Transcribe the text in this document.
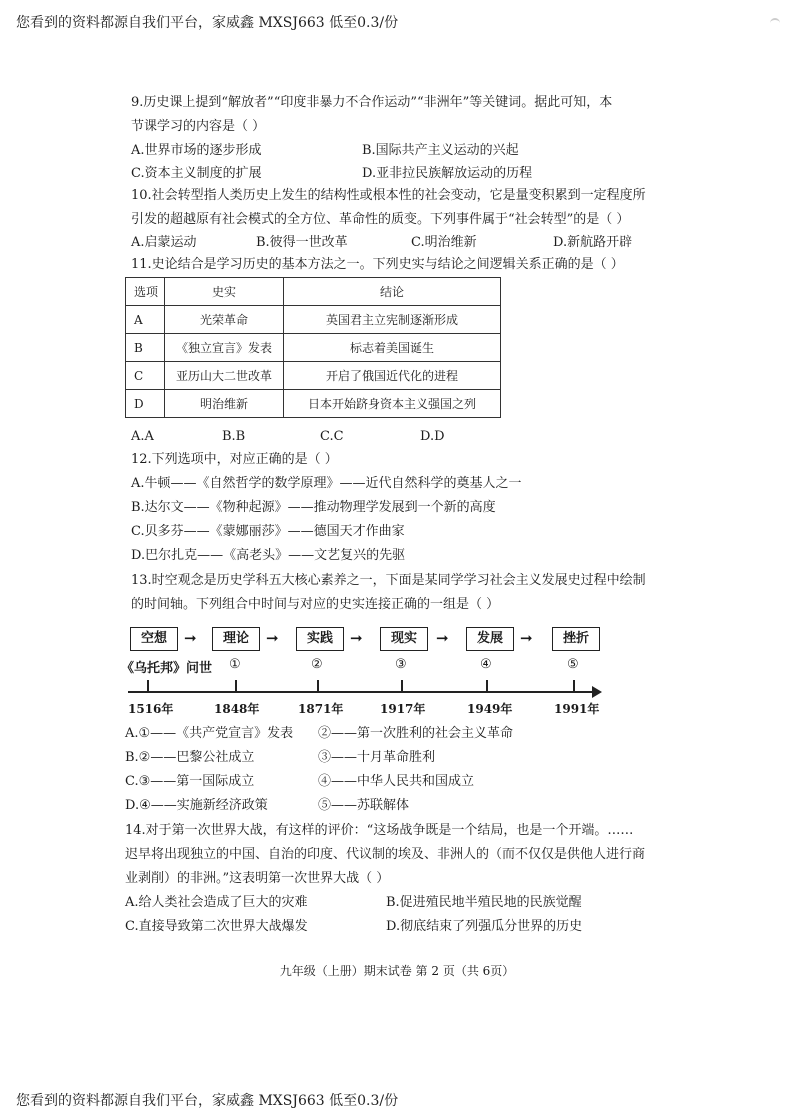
您看到的资料都源自我们平台，家威鑫 MXSJ663 低至0.3/份
9.历史课上提到“解放者”“印度非暴力不合作运动”“非洲年”等关键词。据此可知，本
节课学习的内容是（ ）
A.世界市场的逐步形成	B.国际共产主义运动的兴起
C.资本主义制度的扩展	D.亚非拉民族解放运动的历程
10.社会转型指人类历史上发生的结构性或根本性的社会变动，它是量变积累到一定程度所
引发的超越原有社会模式的全方位、革命性的质变。下列事件属于“社会转型”的是（ ）
A.启蒙运动	B.彼得一世改革	C.明治维新	D.新航路开辟
11.史论结合是学习历史的基本方法之一。下列史实与结论之间逻辑关系正确的是（ ）
选项	史实	结论
A	光荣革命	英国君主立宪制逐渐形成
B	《独立宣言》发表	标志着美国诞生
C	亚历山大二世改革	开启了俄国近代化的进程
D	明治维新	日本开始跻身资本主义强国之列
A.A	B.B	C.C	D.D
12.下列选项中，对应正确的是（ ）
A.牛顿——《自然哲学的数学原理》——近代自然科学的奠基人之一
B.达尔文——《物种起源》——推动物理学发展到一个新的高度
C.贝多芬——《蒙娜丽莎》——德国天才作曲家
D.巴尔扎克——《高老头》——文艺复兴的先驱
13.时空观念是历史学科五大核心素养之一，下面是某同学学习社会主义发展史过程中绘制
的时间轴。下列组合中时间与对应的史实连接正确的一组是（ ）
空想	➞	理论	➞	实践	➞	现实	➞	发展	➞	挫折
《乌托邦》问世 ①	②	③	④	⑤
1516年	1848年	1871年	1917年	1949年	1991年
A.①——《共产党宣言》发表 ②——第一次胜利的社会主义革命
B.②——巴黎公社成立	③——十月革命胜利
C.③——第一国际成立	④——中华人民共和国成立
D.④——实施新经济政策	⑤——苏联解体
14.对于第一次世界大战，有这样的评价：“这场战争既是一个结局，也是一个开端。……
迟早将出现独立的中国、自治的印度、代议制的埃及、非洲人的（而不仅仅是供他人进行商
业剥削）的非洲。”这表明第一次世界大战（ ）
A.给人类社会造成了巨大的灾难	B.促进殖民地半殖民地的民族觉醒
C.直接导致第二次世界大战爆发	D.彻底结束了列强瓜分世界的历史
九年级（上册）期末试卷 第 2 页（共 6页）
您看到的资料都源自我们平台，家威鑫 MXSJ663 低至0.3/份
